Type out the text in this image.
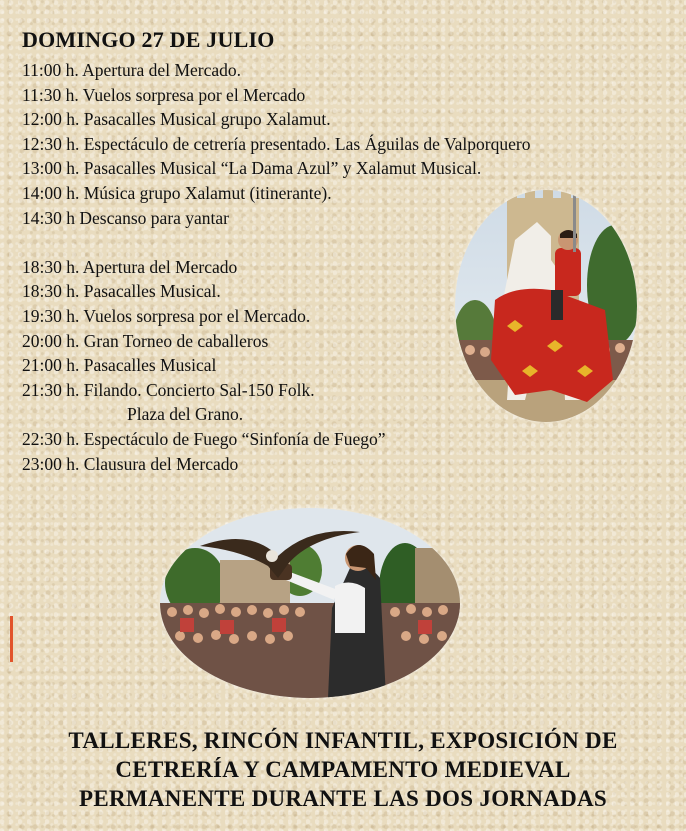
DOMINGO 27 DE JULIO
11:00 h. Apertura del Mercado.
11:30 h. Vuelos sorpresa por el Mercado
12:00 h. Pasacalles Musical grupo Xalamut.
12:30 h. Espectáculo de cetrería presentado. Las Águilas de Valporquero
13:00 h. Pasacalles Musical “La Dama Azul” y Xalamut Musical.
14:00 h. Música grupo Xalamut (itinerante).
14:30 h Descanso para yantar
18:30 h. Apertura del Mercado
18:30 h. Pasacalles Musical.
19:30 h. Vuelos sorpresa por el Mercado.
20:00 h. Gran Torneo de caballeros
21:00 h. Pasacalles Musical
21:30 h. Filando. Concierto Sal-150 Folk.
Plaza del Grano.
22:30 h. Espectáculo de Fuego “Sinfonía de Fuego”
23:00 h. Clausura del Mercado
TALLERES, RINCÓN INFANTIL, EXPOSICIÓN DE
CETRERÍA Y CAMPAMENTO MEDIEVAL
PERMANENTE DURANTE LAS DOS JORNADAS
